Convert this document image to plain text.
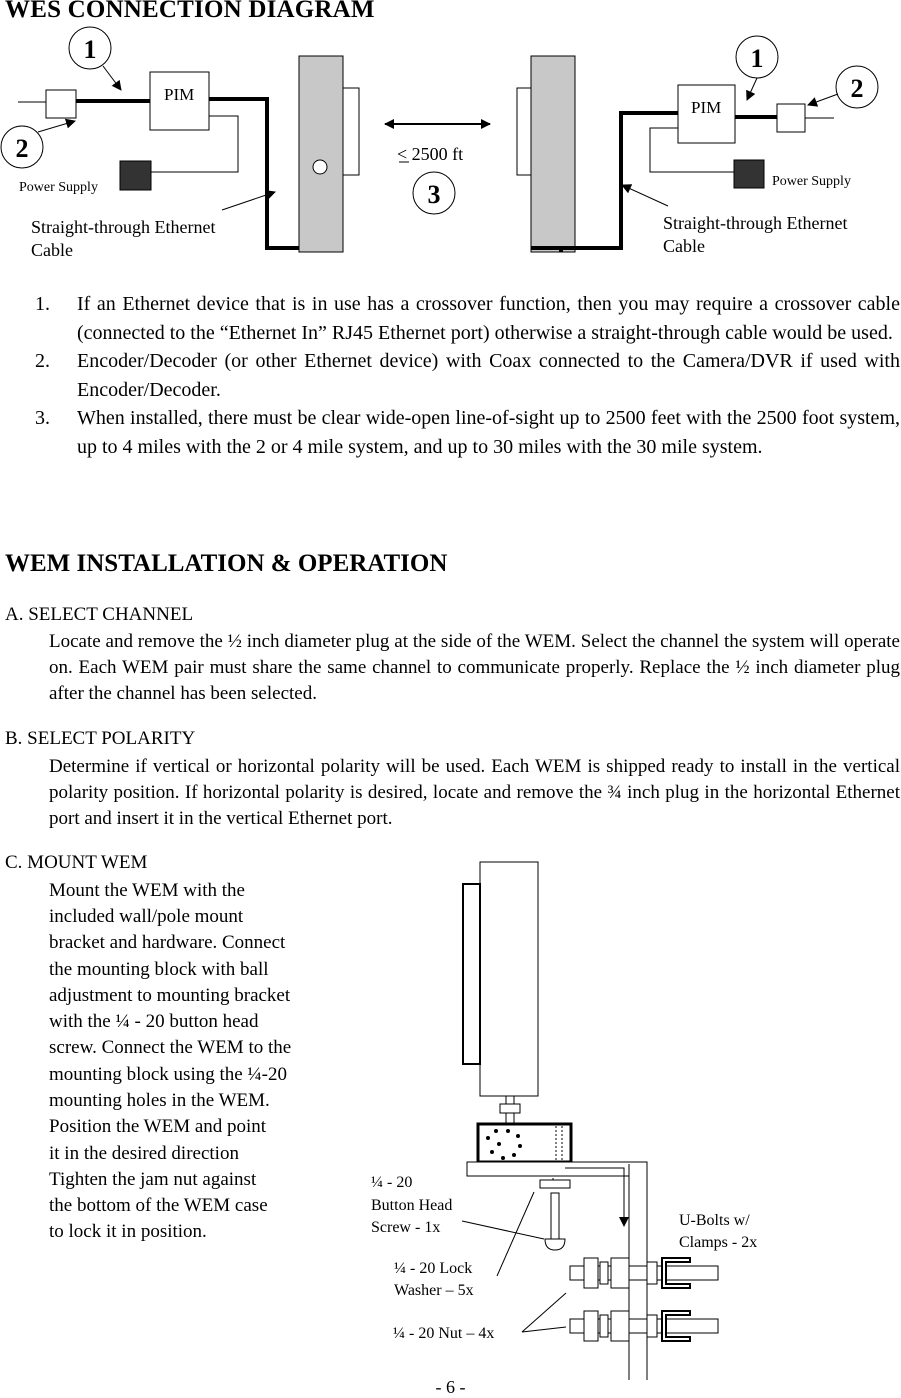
WES CONNECTION DIAGRAM
PIM
1
2
Power Supply
Straight-through Ethernet
Cable
< 2500 ft
3
PIM
1
2
Power Supply
Straight-through Ethernet
Cable
1. If an Ethernet device that is in use has a crossover function, then you may require a crossover cable (connected to the “Ethernet In” RJ45 Ethernet port) otherwise a straight-through cable would be used.
2. Encoder/Decoder (or other Ethernet device) with Coax connected to the Camera/DVR if used with Encoder/Decoder.
3. When installed, there must be clear wide-open line-of-sight up to 2500 feet with the 2500 foot system, up to 4 miles with the 2 or 4 mile system, and up to 30 miles with the 30 mile system.
WEM INSTALLATION & OPERATION
A. SELECT CHANNEL
Locate and remove the ½ inch diameter plug at the side of the WEM. Select the channel the system will operate on. Each WEM pair must share the same channel to communicate properly. Replace the ½ inch diameter plug after the channel has been selected.
B. SELECT POLARITY
Determine if vertical or horizontal polarity will be used. Each WEM is shipped ready to install in the vertical polarity position. If horizontal polarity is desired, locate and remove the ¾ inch plug in the horizontal Ethernet port and insert it in the vertical Ethernet port.
C. MOUNT WEM
Mount the WEM with the
included wall/pole mount
bracket and hardware. Connect
the mounting block with ball
adjustment to mounting bracket
with the ¼ - 20 button head
screw. Connect the WEM to the
mounting block using the ¼-20
mounting holes in the WEM.
Position the WEM and point
it in the desired direction
Tighten the jam nut against
the bottom of the WEM case
to lock it in position.
¼ - 20
Button Head
Screw - 1x
¼ - 20 Lock
Washer – 5x
¼ - 20 Nut – 4x
U-Bolts w/
Clamps - 2x
- 6 -
